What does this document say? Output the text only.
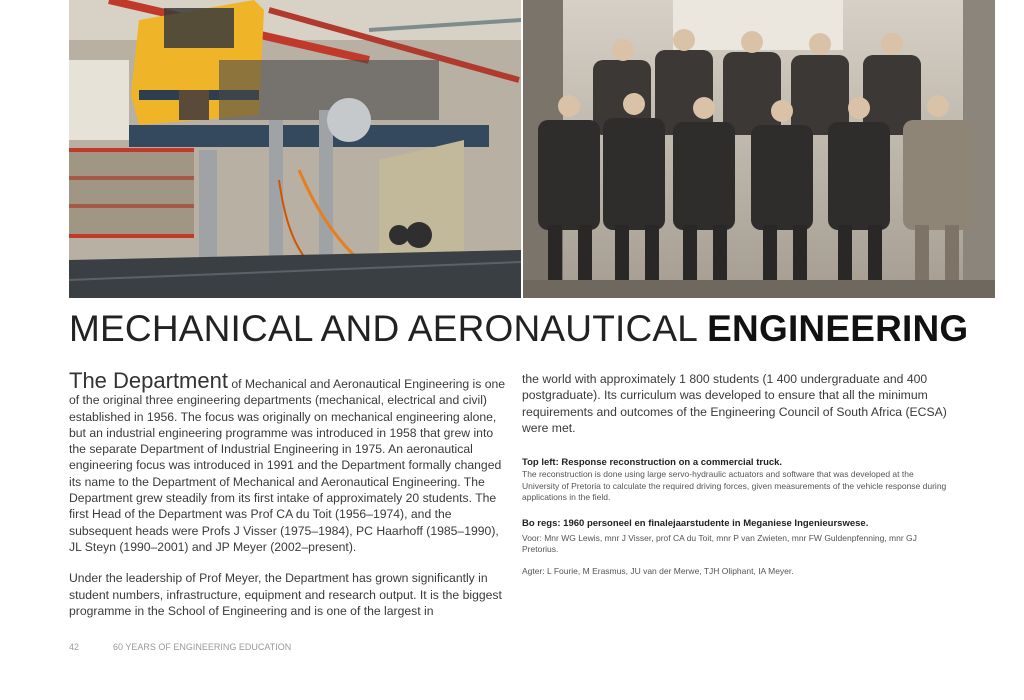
MECHANICAL AND AERONAUTICAL ENGINEERING

The Department of Mechanical and Aeronautical Engineering is one of the original three engineering departments (mechanical, electrical and civil) established in 1956. The focus was originally on mechanical engineering alone, but an industrial engineering programme was introduced in 1958 that grew into the separate Department of Industrial Engineering in 1975. An aeronautical engineering focus was introduced in 1991 and the Department formally changed its name to the Department of Mechanical and Aeronautical Engineering. The Department grew steadily from its first intake of approximately 20 students. The first Head of the Department was Prof CA du Toit (1956–1974), and the subsequent heads were Profs J Visser (1975–1984), PC Haarhoff (1985–1990), JL Steyn (1990–2001) and JP Meyer (2002–present).

Under the leadership of Prof Meyer, the Department has grown significantly in student numbers, infrastructure, equipment and research output. It is the biggest programme in the School of Engineering and is one of the largest in

the world with approximately 1 800 students (1 400 undergraduate and 400 postgraduate). Its curriculum was developed to ensure that all the minimum requirements and outcomes of the Engineering Council of South Africa (ECSA) were met.

Top left: Response reconstruction on a commercial truck.

The reconstruction is done using large servo-hydraulic actuators and software that was developed at the University of Pretoria to calculate the required driving forces, given measurements of the vehicle response during applications in the field.

Bo regs: 1960 personeel en finalejaarstudente in Meganiese Ingenieurswese.

Voor: Mnr WG Lewis, mnr J Visser, prof CA du Toit, mnr P van Zwieten, mnr FW Guldenpfenning, mnr GJ Pretorius.

Agter: L Fourie, M Erasmus, JU van der Merwe, TJH Oliphant, IA Meyer.

42	60 YEARS OF ENGINEERING EDUCATION
